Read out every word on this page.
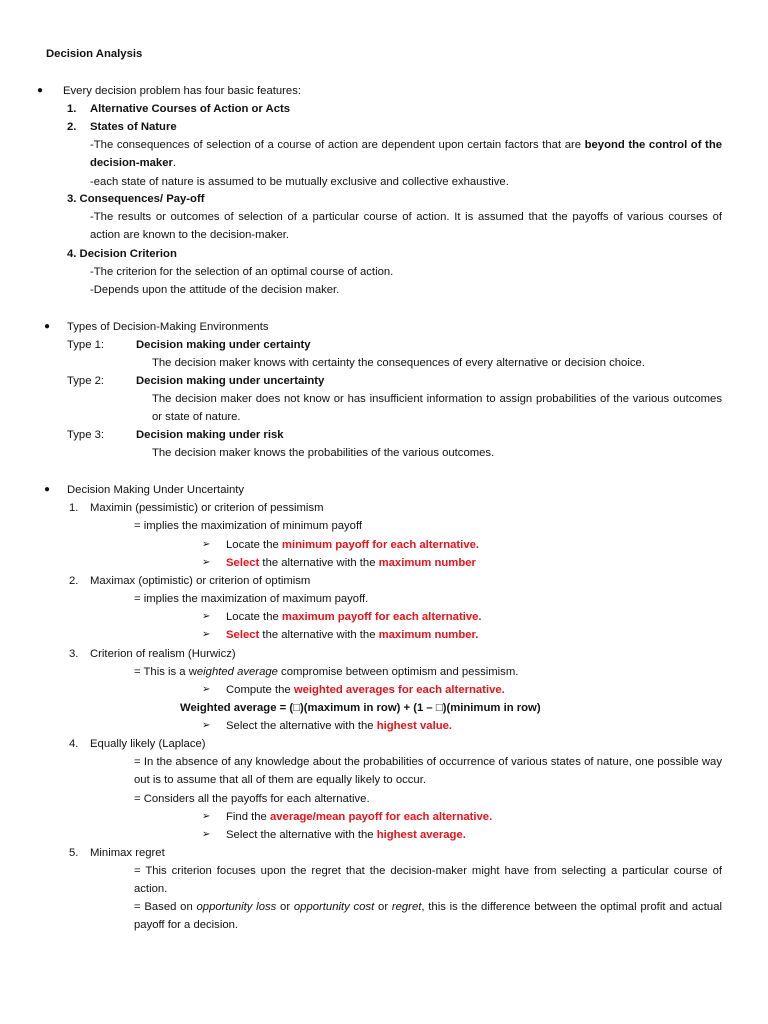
Decision Analysis
● Every decision problem has four basic features:
1. Alternative Courses of Action or Acts
2. States of Nature
-The consequences of selection of a course of action are dependent upon certain factors that are beyond the control of the decision-maker.
-each state of nature is assumed to be mutually exclusive and collective exhaustive.
3. Consequences/ Pay-off
-The results or outcomes of selection of a particular course of action. It is assumed that the payoffs of various courses of action are known to the decision-maker.
4. Decision Criterion
-The criterion for the selection of an optimal course of action.
-Depends upon the attitude of the decision maker.
● Types of Decision-Making Environments
Type 1:	Decision making under certainty
The decision maker knows with certainty the consequences of every alternative or decision choice.
Type 2:	Decision making under uncertainty
The decision maker does not know or has insufficient information to assign probabilities of the various outcomes or state of nature.
Type 3:	Decision making under risk
The decision maker knows the probabilities of the various outcomes.
● Decision Making Under Uncertainty
1. Maximin (pessimistic) or criterion of pessimism
= implies the maximization of minimum payoff
➢ Locate the minimum payoff for each alternative.
➢ Select the alternative with the maximum number
2. Maximax (optimistic) or criterion of optimism
= implies the maximization of maximum payoff.
➢ Locate the maximum payoff for each alternative.
➢ Select the alternative with the maximum number.
3. Criterion of realism (Hurwicz)
= This is a weighted average compromise between optimism and pessimism.
➢ Compute the weighted averages for each alternative.
Weighted average = (□)(maximum in row) + (1 – □)(minimum in row)
➢ Select the alternative with the highest value.
4. Equally likely (Laplace)
= In the absence of any knowledge about the probabilities of occurrence of various states of nature, one possible way out is to assume that all of them are equally likely to occur.
= Considers all the payoffs for each alternative.
➢ Find the average/mean payoff for each alternative.
➢ Select the alternative with the highest average.
5. Minimax regret
= This criterion focuses upon the regret that the decision-maker might have from selecting a particular course of action.
= Based on opportunity loss or opportunity cost or regret, this is the difference between the optimal profit and actual payoff for a decision.
